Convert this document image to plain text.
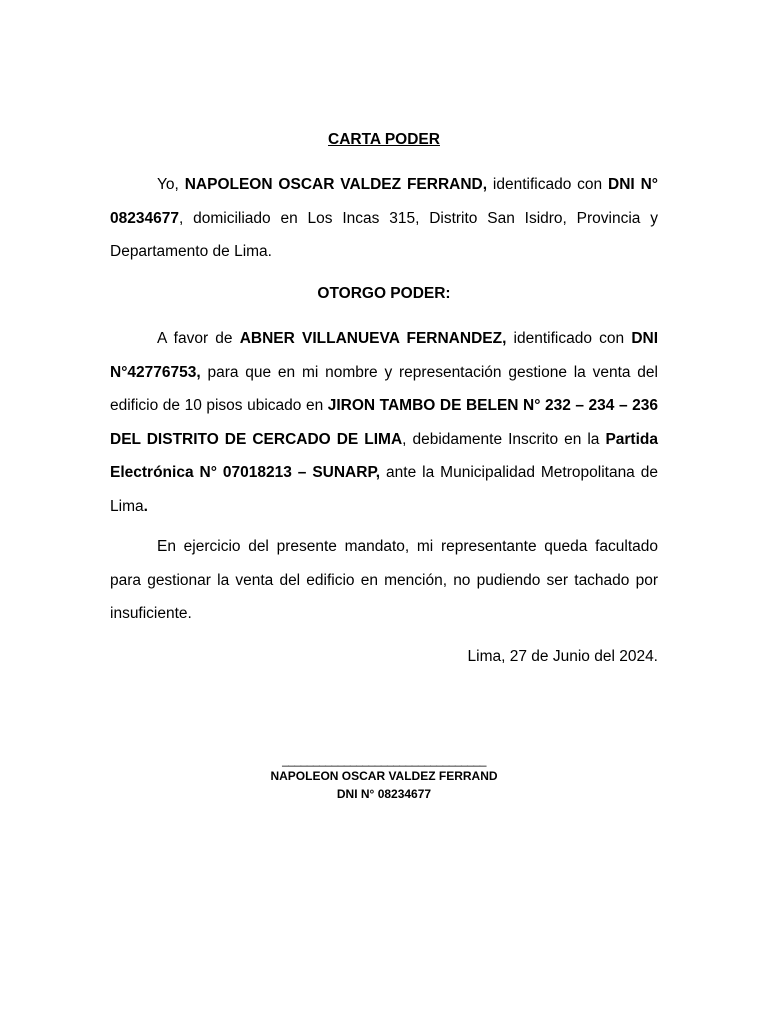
CARTA PODER
Yo, NAPOLEON OSCAR VALDEZ FERRAND, identificado con DNI N° 08234677, domiciliado en Los Incas 315, Distrito San Isidro, Provincia y Departamento de Lima.
OTORGO PODER:
A favor de ABNER VILLANUEVA FERNANDEZ, identificado con DNI N°42776753, para que en mi nombre y representación gestione la venta del edificio de 10 pisos ubicado en JIRON TAMBO DE BELEN N° 232 – 234 – 236 DEL DISTRITO DE CERCADO DE LIMA, debidamente Inscrito en la Partida Electrónica N° 07018213 – SUNARP, ante la Municipalidad Metropolitana de Lima.
En ejercicio del presente mandato, mi representante queda facultado para gestionar la venta del edificio en mención, no pudiendo ser tachado por insuficiente.
Lima, 27 de Junio del 2024.
_________________________________
NAPOLEON OSCAR VALDEZ FERRAND
DNI N° 08234677
